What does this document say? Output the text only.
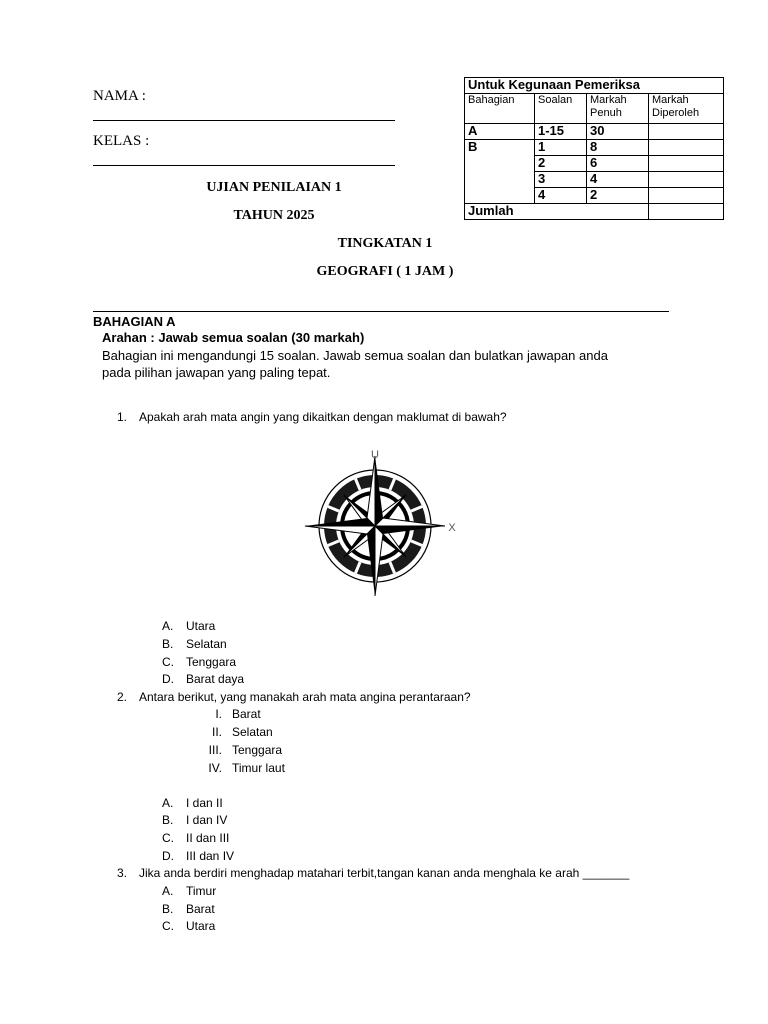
NAMA :
KELAS :
UJIAN PENILAIAN 1
TAHUN 2025
TINGKATAN 1
GEOGRAFI ( 1 JAM )
Untuk Kegunaan Pemeriksa			
Bahagian	Soalan	Markah Penuh	Markah Diperoleh
A	1-15	30	
B	1	8	
	2	6	
	3	4	
	4	2	
Jumlah			
BAHAGIAN A
Arahan : Jawab semua soalan (30 markah)
Bahagian ini mengandungi 15 soalan. Jawab semua soalan dan bulatkan jawapan anda
pada pilihan jawapan yang paling tepat.
1. Apakah arah mata angin yang dikaitkan dengan maklumat di bawah?
U
X
A. Utara
B. Selatan
C. Tenggara
D. Barat daya
2. Antara berikut, yang manakah arah mata angina perantaraan?
I. Barat
II. Selatan
III. Tenggara
IV. Timur laut
A. I dan II
B. I dan IV
C. II dan III
D. III dan IV
3. Jika anda berdiri menghadap matahari terbit,tangan kanan anda menghala ke arah _______
A. Timur
B. Barat
C. Utara
